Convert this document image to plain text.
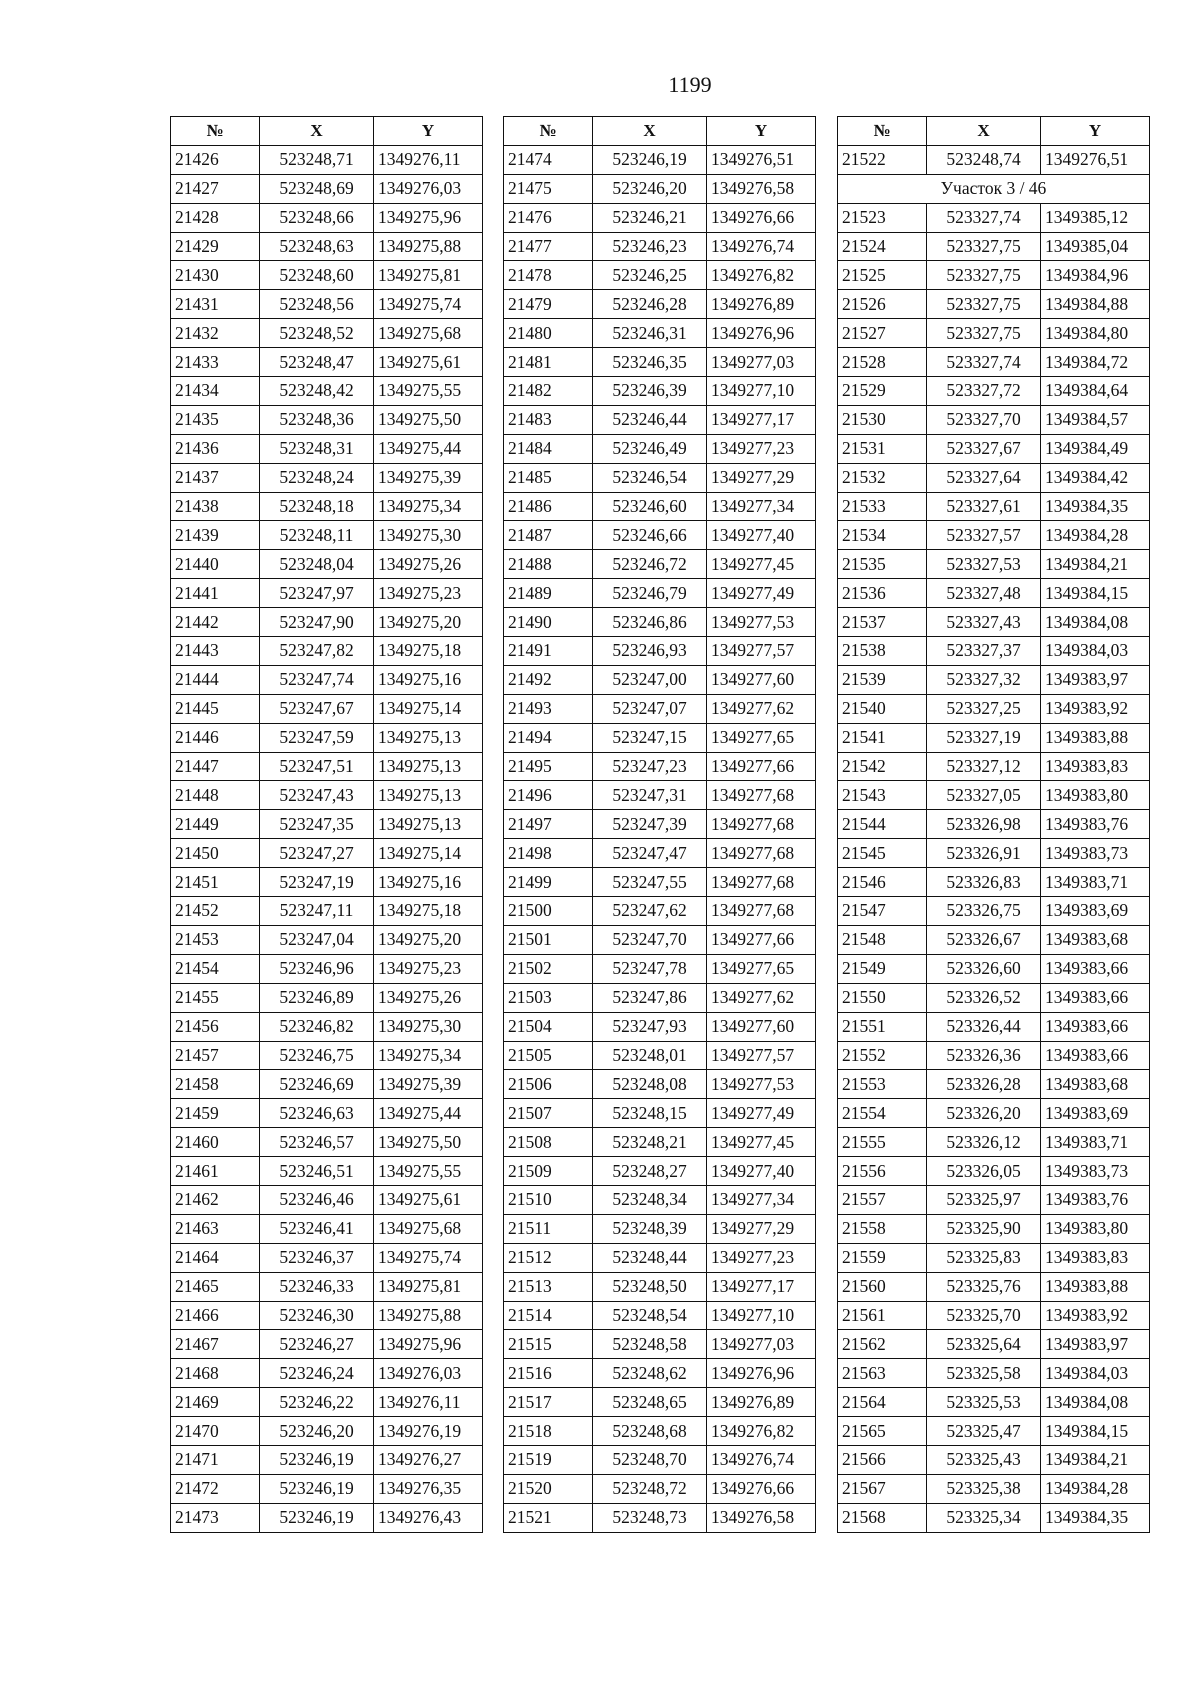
1199
№	X	Y
21426	523248,71	1349276,11
21427	523248,69	1349276,03
21428	523248,66	1349275,96
21429	523248,63	1349275,88
21430	523248,60	1349275,81
21431	523248,56	1349275,74
21432	523248,52	1349275,68
21433	523248,47	1349275,61
21434	523248,42	1349275,55
21435	523248,36	1349275,50
21436	523248,31	1349275,44
21437	523248,24	1349275,39
21438	523248,18	1349275,34
21439	523248,11	1349275,30
21440	523248,04	1349275,26
21441	523247,97	1349275,23
21442	523247,90	1349275,20
21443	523247,82	1349275,18
21444	523247,74	1349275,16
21445	523247,67	1349275,14
21446	523247,59	1349275,13
21447	523247,51	1349275,13
21448	523247,43	1349275,13
21449	523247,35	1349275,13
21450	523247,27	1349275,14
21451	523247,19	1349275,16
21452	523247,11	1349275,18
21453	523247,04	1349275,20
21454	523246,96	1349275,23
21455	523246,89	1349275,26
21456	523246,82	1349275,30
21457	523246,75	1349275,34
21458	523246,69	1349275,39
21459	523246,63	1349275,44
21460	523246,57	1349275,50
21461	523246,51	1349275,55
21462	523246,46	1349275,61
21463	523246,41	1349275,68
21464	523246,37	1349275,74
21465	523246,33	1349275,81
21466	523246,30	1349275,88
21467	523246,27	1349275,96
21468	523246,24	1349276,03
21469	523246,22	1349276,11
21470	523246,20	1349276,19
21471	523246,19	1349276,27
21472	523246,19	1349276,35
21473	523246,19	1349276,43
№	X	Y
21474	523246,19	1349276,51
21475	523246,20	1349276,58
21476	523246,21	1349276,66
21477	523246,23	1349276,74
21478	523246,25	1349276,82
21479	523246,28	1349276,89
21480	523246,31	1349276,96
21481	523246,35	1349277,03
21482	523246,39	1349277,10
21483	523246,44	1349277,17
21484	523246,49	1349277,23
21485	523246,54	1349277,29
21486	523246,60	1349277,34
21487	523246,66	1349277,40
21488	523246,72	1349277,45
21489	523246,79	1349277,49
21490	523246,86	1349277,53
21491	523246,93	1349277,57
21492	523247,00	1349277,60
21493	523247,07	1349277,62
21494	523247,15	1349277,65
21495	523247,23	1349277,66
21496	523247,31	1349277,68
21497	523247,39	1349277,68
21498	523247,47	1349277,68
21499	523247,55	1349277,68
21500	523247,62	1349277,68
21501	523247,70	1349277,66
21502	523247,78	1349277,65
21503	523247,86	1349277,62
21504	523247,93	1349277,60
21505	523248,01	1349277,57
21506	523248,08	1349277,53
21507	523248,15	1349277,49
21508	523248,21	1349277,45
21509	523248,27	1349277,40
21510	523248,34	1349277,34
21511	523248,39	1349277,29
21512	523248,44	1349277,23
21513	523248,50	1349277,17
21514	523248,54	1349277,10
21515	523248,58	1349277,03
21516	523248,62	1349276,96
21517	523248,65	1349276,89
21518	523248,68	1349276,82
21519	523248,70	1349276,74
21520	523248,72	1349276,66
21521	523248,73	1349276,58
№	X	Y
21522	523248,74	1349276,51
Участок 3 / 46		
21523	523327,74	1349385,12
21524	523327,75	1349385,04
21525	523327,75	1349384,96
21526	523327,75	1349384,88
21527	523327,75	1349384,80
21528	523327,74	1349384,72
21529	523327,72	1349384,64
21530	523327,70	1349384,57
21531	523327,67	1349384,49
21532	523327,64	1349384,42
21533	523327,61	1349384,35
21534	523327,57	1349384,28
21535	523327,53	1349384,21
21536	523327,48	1349384,15
21537	523327,43	1349384,08
21538	523327,37	1349384,03
21539	523327,32	1349383,97
21540	523327,25	1349383,92
21541	523327,19	1349383,88
21542	523327,12	1349383,83
21543	523327,05	1349383,80
21544	523326,98	1349383,76
21545	523326,91	1349383,73
21546	523326,83	1349383,71
21547	523326,75	1349383,69
21548	523326,67	1349383,68
21549	523326,60	1349383,66
21550	523326,52	1349383,66
21551	523326,44	1349383,66
21552	523326,36	1349383,66
21553	523326,28	1349383,68
21554	523326,20	1349383,69
21555	523326,12	1349383,71
21556	523326,05	1349383,73
21557	523325,97	1349383,76
21558	523325,90	1349383,80
21559	523325,83	1349383,83
21560	523325,76	1349383,88
21561	523325,70	1349383,92
21562	523325,64	1349383,97
21563	523325,58	1349384,03
21564	523325,53	1349384,08
21565	523325,47	1349384,15
21566	523325,43	1349384,21
21567	523325,38	1349384,28
21568	523325,34	1349384,35
